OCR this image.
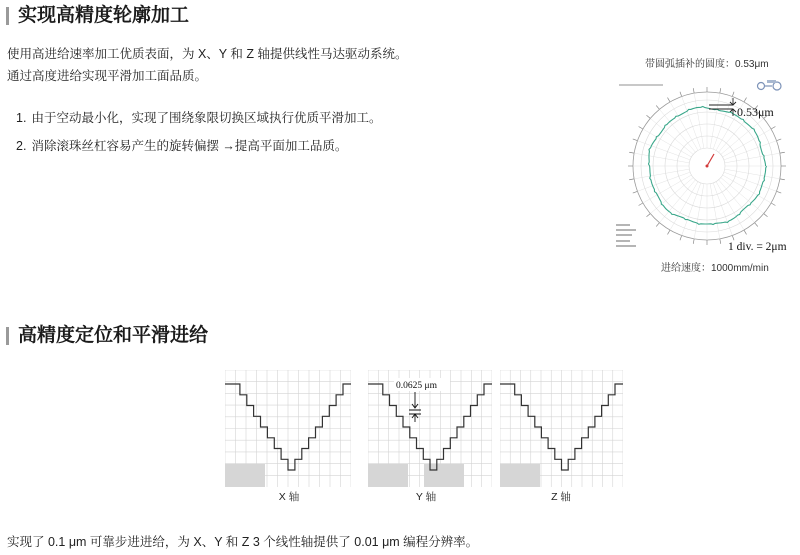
实现高精度轮廓加工
使用高进给速率加工优质表面，为 X、Y 和 Z 轴提供线性马达驱动系统。
通过高度进给实现平滑加工面品质。
1. 由于空动最小化，实现了围绕象限切换区域执行优质平滑加工。
2. 消除滚珠丝杠容易产生的旋转偏摆 →提高平面加工品质。
带圆弧插补的圆度：0.53μm
进给速度：1000mm/min
0.53μm
1 div. = 2μm
高精度定位和平滑进给
0.0625 μm
X 轴	Y 轴	Z 轴
实现了 0.1 μm 可靠步进进给，为 X、Y 和 Z 3 个线性轴提供了 0.01 μm 编程分辨率。
